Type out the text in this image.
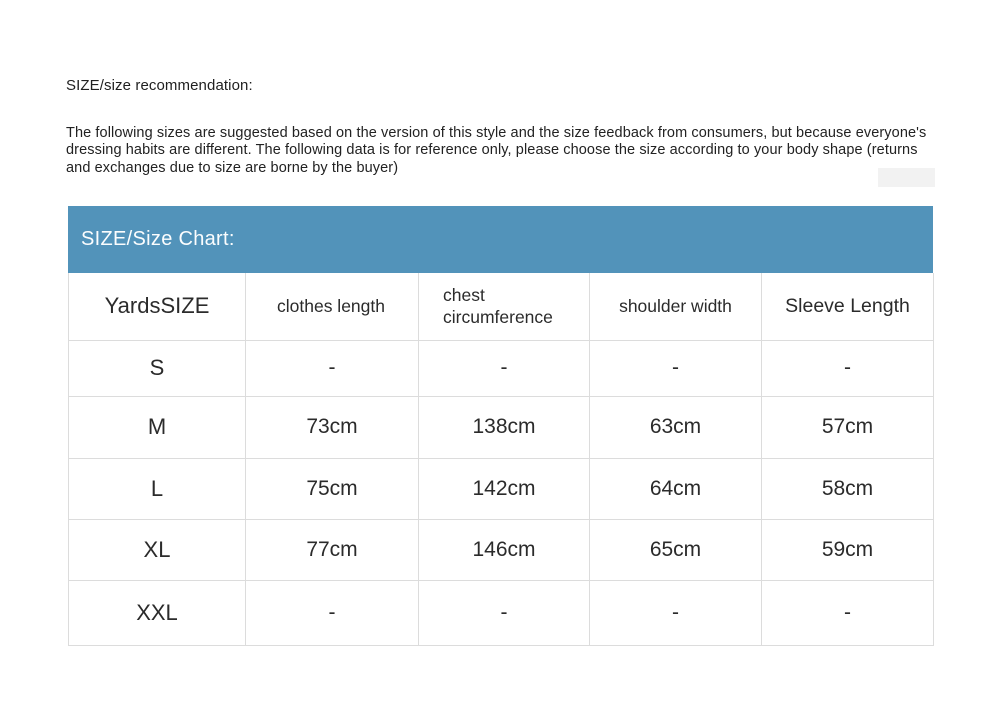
SIZE/size recommendation:
The following sizes are suggested based on the version of this style and the size feedback from consumers, but because everyone's dressing habits are different. The following data is for reference only, please choose the size according to your body shape (returns and exchanges due to size are borne by the buyer)
SIZE/Size Chart:
YardsSIZE	clothes length	chest circumference	shoulder width	Sleeve Length
S	-	-	-	-
M	73cm	138cm	63cm	57cm
L	75cm	142cm	64cm	58cm
XL	77cm	146cm	65cm	59cm
XXL	-	-	-	-
